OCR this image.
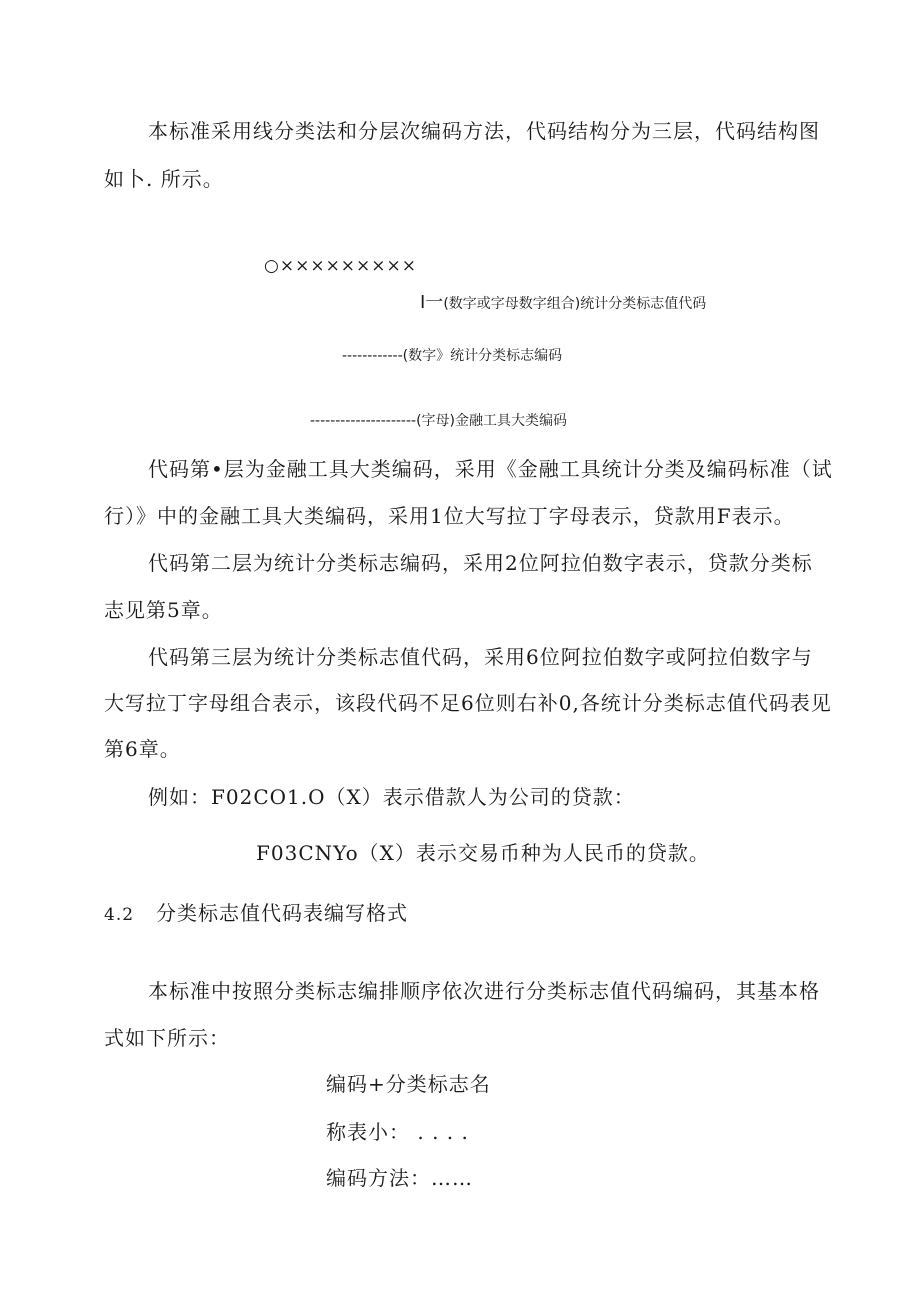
本标准采用线分类法和分层次编码方法，代码结构分为三层，代码结构图
如卜. 所示。
○×××××××××
I一(数字或字母数字组合)统计分类标志值代码
------------(数字》统计分类标志编码
---------------------(字母)金融工具大类编码
代码第•层为金融工具大类编码，采用《金融工具统计分类及编码标准（试
行）》中的金融工具大类编码，采用1位大写拉丁字母表示，贷款用F表示。
代码第二层为统计分类标志编码，采用2位阿拉伯数字表示，贷款分类标
志见第5章。
代码第三层为统计分类标志值代码，采用6位阿拉伯数字或阿拉伯数字与
大写拉丁字母组合表示，该段代码不足6位则右补0,各统计分类标志值代码表见
第6章。
例如：F02CO1.O（X）表示借款人为公司的贷款：
F03CNYo（X）表示交易币种为人民币的贷款。
4.2 分类标志值代码表编写格式
本标准中按照分类标志编排顺序依次进行分类标志值代码编码，其基本格
式如下所示：
编码+分类标志名
称表小： . . . .
编码方法：……
